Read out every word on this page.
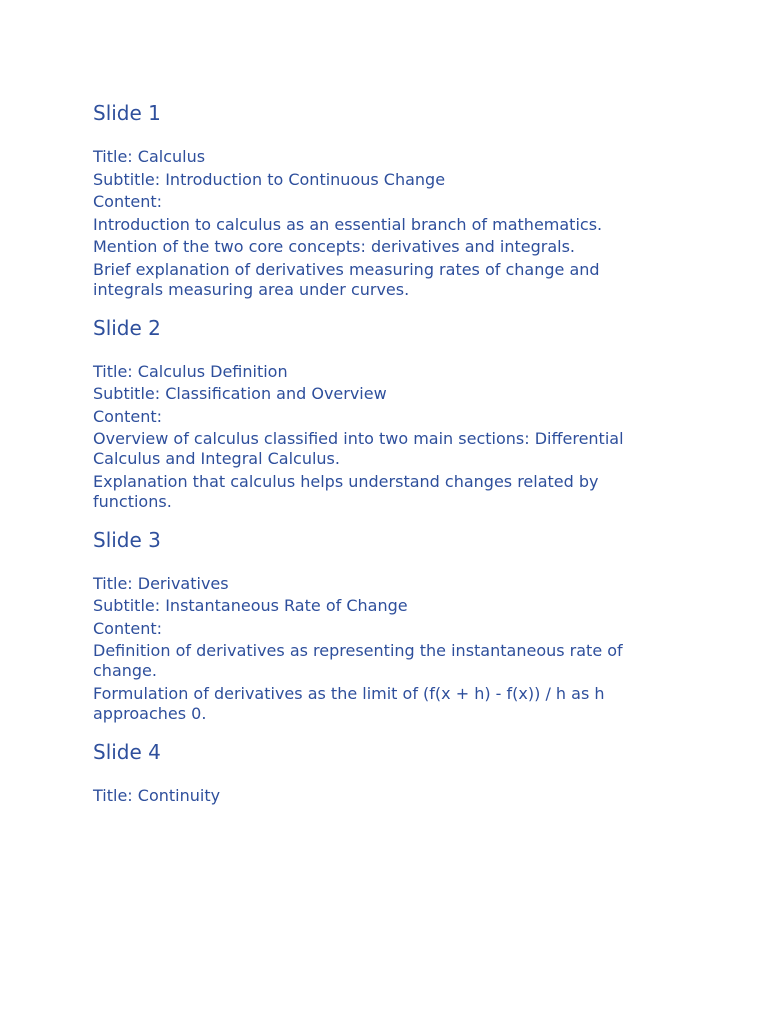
Slide 1

Title: Calculus

Subtitle: Introduction to Continuous Change

Content:

Introduction to calculus as an essential branch of mathematics.

Mention of the two core concepts: derivatives and integrals.

Brief explanation of derivatives measuring rates of change and integrals measuring area under curves.

Slide 2

Title: Calculus Definition

Subtitle: Classification and Overview

Content:

Overview of calculus classified into two main sections: Differential Calculus and Integral Calculus.

Explanation that calculus helps understand changes related by functions.

Slide 3

Title: Derivatives

Subtitle: Instantaneous Rate of Change

Content:

Definition of derivatives as representing the instantaneous rate of change.

Formulation of derivatives as the limit of (f(x + h) - f(x)) / h as h approaches 0.

Slide 4

Title: Continuity
